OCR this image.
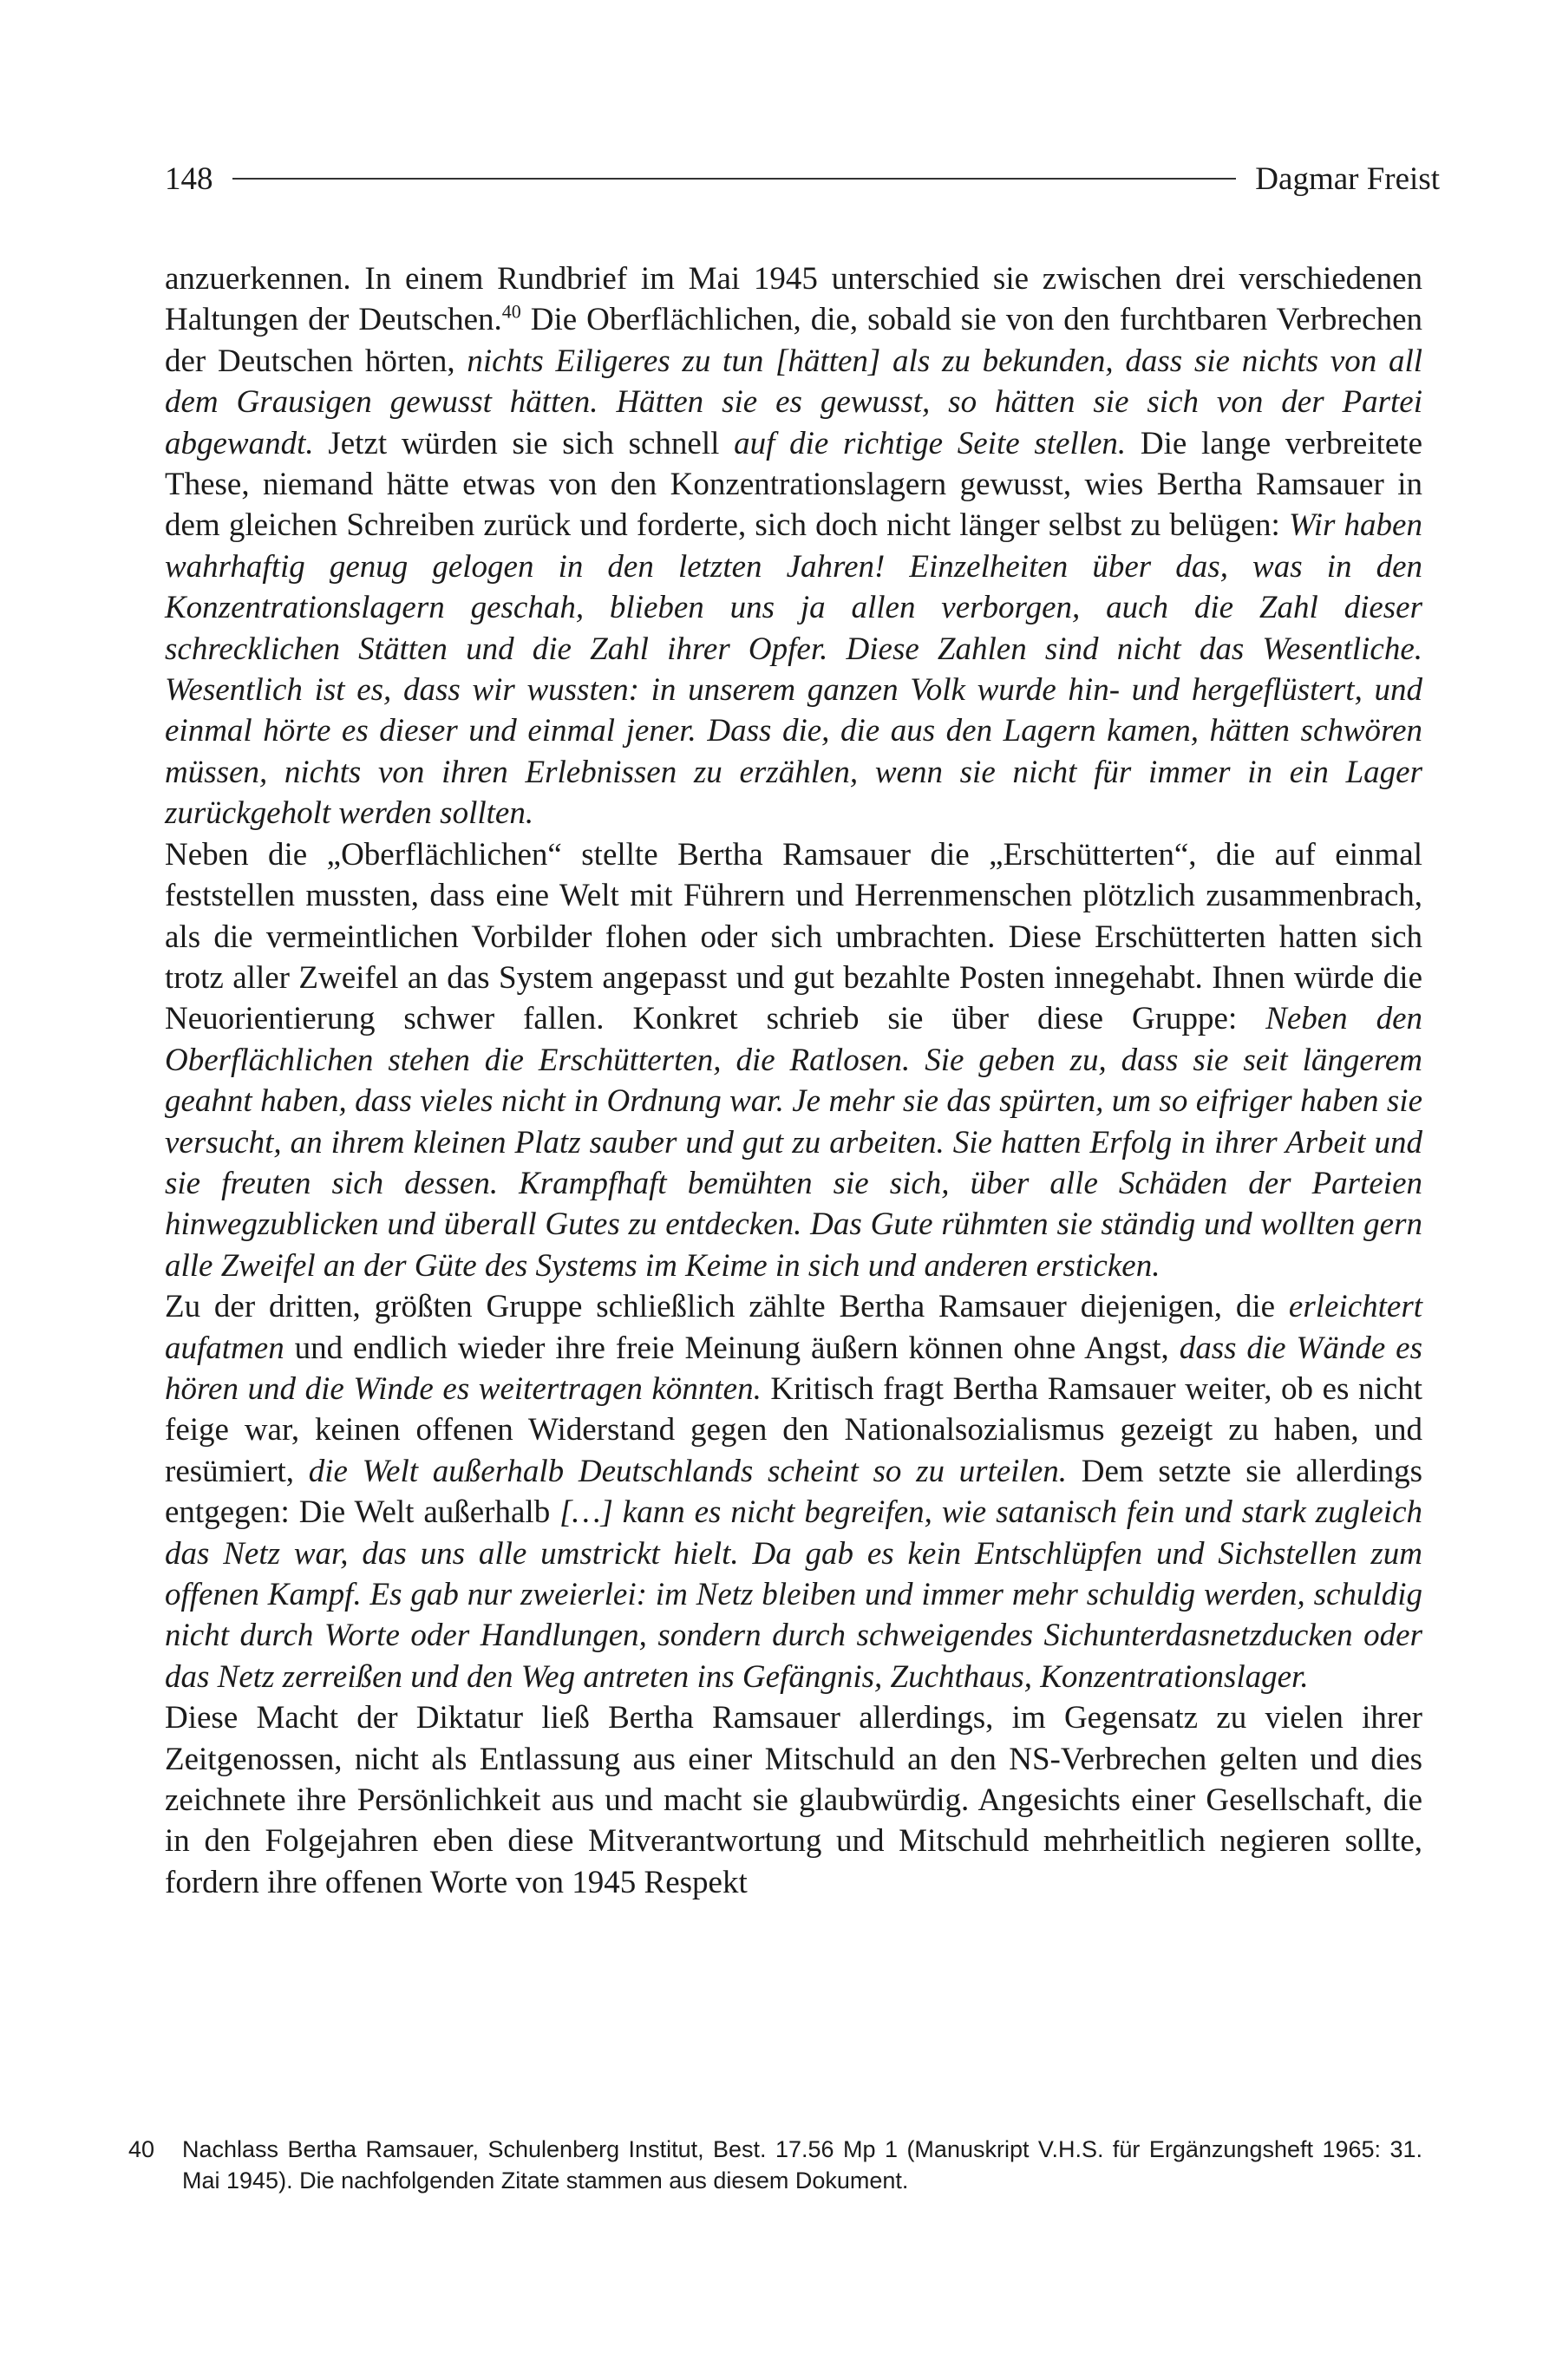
148	Dagmar Freist

anzuerkennen. In einem Rundbrief im Mai 1945 unterschied sie zwischen drei verschiedenen Haltungen der Deutschen.$^{40}$ Die Oberflächlichen, die, sobald sie von den furchtbaren Verbrechen der Deutschen hörten, nichts Eiligeres zu tun [hätten] als zu bekunden, dass sie nichts von all dem Grausigen gewusst hätten. Hätten sie es gewusst, so hätten sie sich von der Partei abgewandt. Jetzt würden sie sich schnell auf die richtige Seite stellen. Die lange verbreitete These, niemand hätte etwas von den Konzentrationslagern gewusst, wies Bertha Ramsauer in dem gleichen Schreiben zurück und forderte, sich doch nicht länger selbst zu belügen: Wir haben wahrhaftig genug gelogen in den letzten Jahren! Einzelheiten über das, was in den Konzentrationslagern geschah, blieben uns ja allen verborgen, auch die Zahl dieser schrecklichen Stätten und die Zahl ihrer Opfer. Diese Zahlen sind nicht das Wesentliche. Wesentlich ist es, dass wir wussten: in unserem ganzen Volk wurde hin- und hergeflüstert, und einmal hörte es dieser und einmal jener. Dass die, die aus den Lagern kamen, hätten schwören müssen, nichts von ihren Erlebnissen zu erzählen, wenn sie nicht für immer in ein Lager zurückgeholt werden sollten.

Neben die „Oberflächlichen“ stellte Bertha Ramsauer die „Erschütterten“, die auf einmal feststellen mussten, dass eine Welt mit Führern und Herrenmenschen plötzlich zusammenbrach, als die vermeintlichen Vorbilder flohen oder sich umbrachten. Diese Erschütterten hatten sich trotz aller Zweifel an das System angepasst und gut bezahlte Posten innegehabt. Ihnen würde die Neuorientierung schwer fallen. Konkret schrieb sie über diese Gruppe: Neben den Oberflächlichen stehen die Erschütterten, die Ratlosen. Sie geben zu, dass sie seit längerem geahnt haben, dass vieles nicht in Ordnung war. Je mehr sie das spürten, um so eifriger haben sie versucht, an ihrem kleinen Platz sauber und gut zu arbeiten. Sie hatten Erfolg in ihrer Arbeit und sie freuten sich dessen. Krampfhaft bemühten sie sich, über alle Schäden der Parteien hinwegzublicken und überall Gutes zu entdecken. Das Gute rühmten sie ständig und wollten gern alle Zweifel an der Güte des Systems im Keime in sich und anderen ersticken.

Zu der dritten, größten Gruppe schließlich zählte Bertha Ramsauer diejenigen, die erleichtert aufatmen und endlich wieder ihre freie Meinung äußern können ohne Angst, dass die Wände es hören und die Winde es weitertragen könnten. Kritisch fragt Bertha Ramsauer weiter, ob es nicht feige war, keinen offenen Widerstand gegen den Nationalsozialismus gezeigt zu haben, und resümiert, die Welt außerhalb Deutschlands scheint so zu urteilen. Dem setzte sie allerdings entgegen: Die Welt außerhalb […] kann es nicht begreifen, wie satanisch fein und stark zugleich das Netz war, das uns alle umstrickt hielt. Da gab es kein Entschlüpfen und Sichstellen zum offenen Kampf. Es gab nur zweierlei: im Netz bleiben und immer mehr schuldig werden, schuldig nicht durch Worte oder Handlungen, sondern durch schweigendes Sichunterdasnetzducken oder das Netz zerreißen und den Weg antreten ins Gefängnis, Zuchthaus, Konzentrationslager.

Diese Macht der Diktatur ließ Bertha Ramsauer allerdings, im Gegensatz zu vielen ihrer Zeitgenossen, nicht als Entlassung aus einer Mitschuld an den NS-Verbrechen gelten und dies zeichnete ihre Persönlichkeit aus und macht sie glaubwürdig. Angesichts einer Gesellschaft, die in den Folgejahren eben diese Mitverantwortung und Mitschuld mehrheitlich negieren sollte, fordern ihre offenen Worte von 1945 Respekt

40	Nachlass Bertha Ramsauer, Schulenberg Institut, Best. 17.56 Mp 1 (Manuskript V.H.S. für Ergänzungsheft 1965: 31. Mai 1945). Die nachfolgenden Zitate stammen aus diesem Dokument.
